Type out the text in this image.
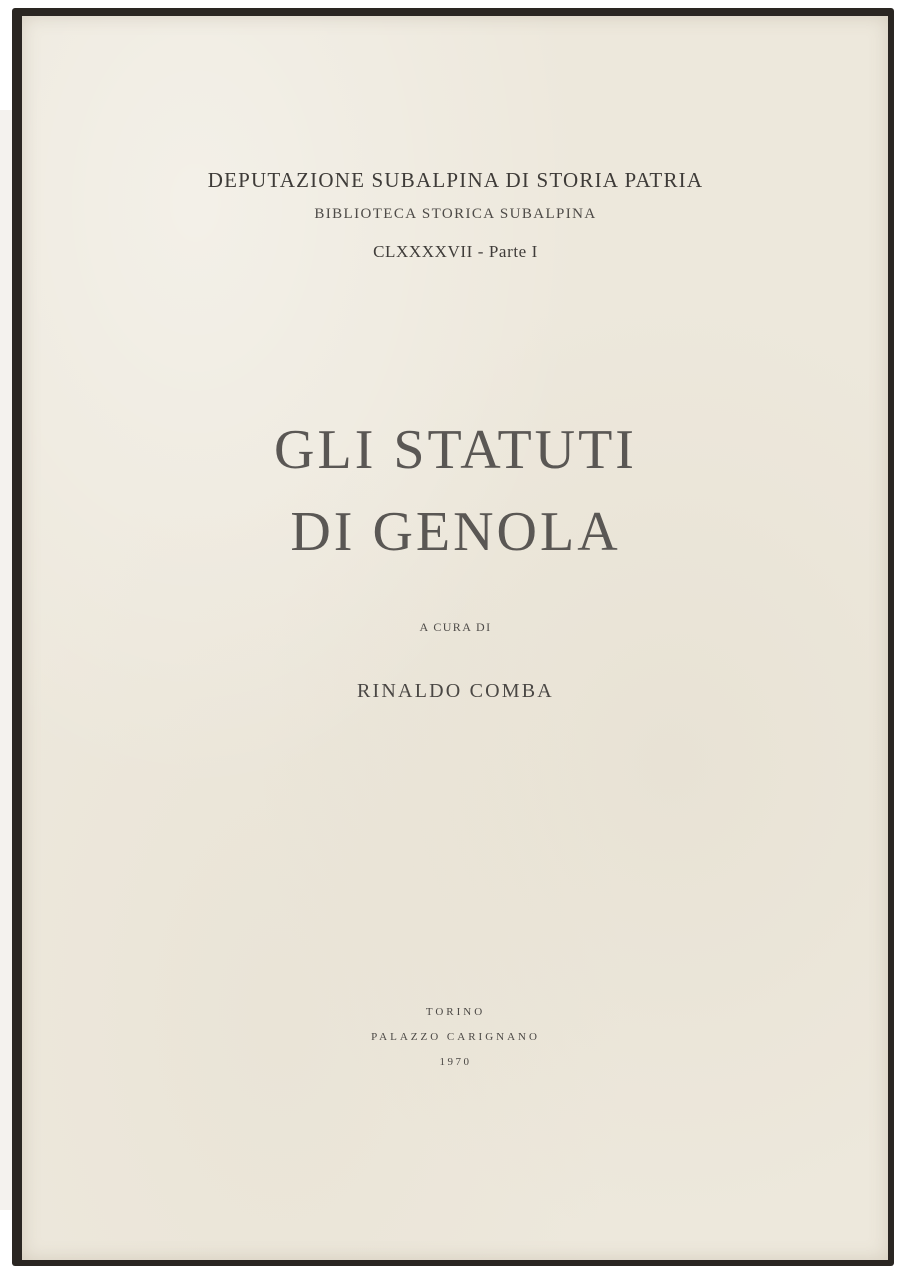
DEPUTAZIONE SUBALPINA DI STORIA PATRIA
BIBLIOTECA STORICA SUBALPINA
CLXXXXVII - Parte I
GLI STATUTI
DI GENOLA
A CURA DI
RINALDO COMBA
TORINO
PALAZZO CARIGNANO
1970
